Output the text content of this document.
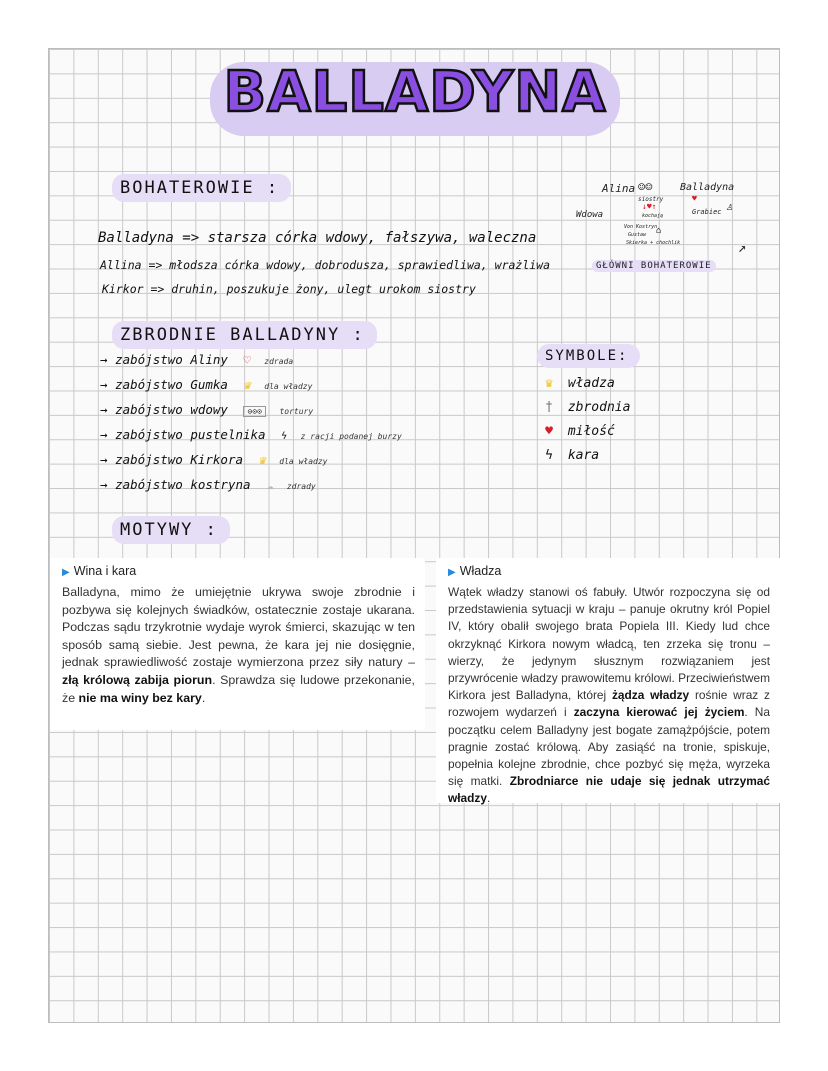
BALLADYNA
BOHATEROWIE :
Balladyna => starsza córka wdowy, fałszywa, waleczna
Allina => młodsza córka wdowy, dobrodusza, sprawiedliwa, wrażliwa
Kirkor => druhin, poszukuje żony, ulegt urokom siostry
Alina ☺☺	Balladyna
siostry	♥
↓♥↑
Wdowa	Grabiec ♙
kochają
Von Kostryn
Gustaw ⌂
Skierka + chochlik
GŁÓWNI BOHATEROWIE
↗
ZBRODNIE BALLADYNY :
→ zabójstwo Aliny ♡ zdrada
→ zabójstwo Gumka ♛ dla władzy
→ zabójstwo wdowy ⊙⊙⊙ tortury
→ zabójstwo pustelnika ϟ z racji podanej burzy
→ zabójstwo Kirkora ♛ dla władzy
→ zabójstwo kostryna ☁ zdrady
SYMBOLE:
♛ władza
† zbrodnia
♥ miłość
ϟ kara
MOTYWY :
▶ Wina i kara

Balladyna, mimo że umiejętnie ukrywa swoje zbrodnie i pozbywa się kolejnych świadków, ostatecznie zostaje ukarana. Podczas sądu trzykrotnie wydaje wyrok śmierci, skazując w ten sposób samą siebie. Jest pewna, że kara jej nie dosięgnie, jednak sprawiedliwość zostaje wymierzona przez siły natury – złą królową zabija piorun. Sprawdza się ludowe przekonanie, że nie ma winy bez kary.

▶ Władza

Wątek władzy stanowi oś fabuły. Utwór rozpoczyna się od przedstawienia sytuacji w kraju – panuje okrutny król Popiel IV, który obalił swojego brata Popiela III. Kiedy lud chce okrzyknąć Kirkora nowym władcą, ten zrzeka się tronu – wierzy, że jedynym słusznym rozwiązaniem jest przywrócenie władzy prawowitemu królowi. Przeciwieństwem Kirkora jest Balladyna, której żądza władzy rośnie wraz z rozwojem wydarzeń i zaczyna kierować jej życiem. Na początku celem Balladyny jest bogate zamążpójście, potem pragnie zostać królową. Aby zasiąść na tronie, spiskuje, popełnia kolejne zbrodnie, chce pozbyć się męża, wyrzeka się matki. Zbrodniarce nie udaje się jednak utrzymać władzy.
